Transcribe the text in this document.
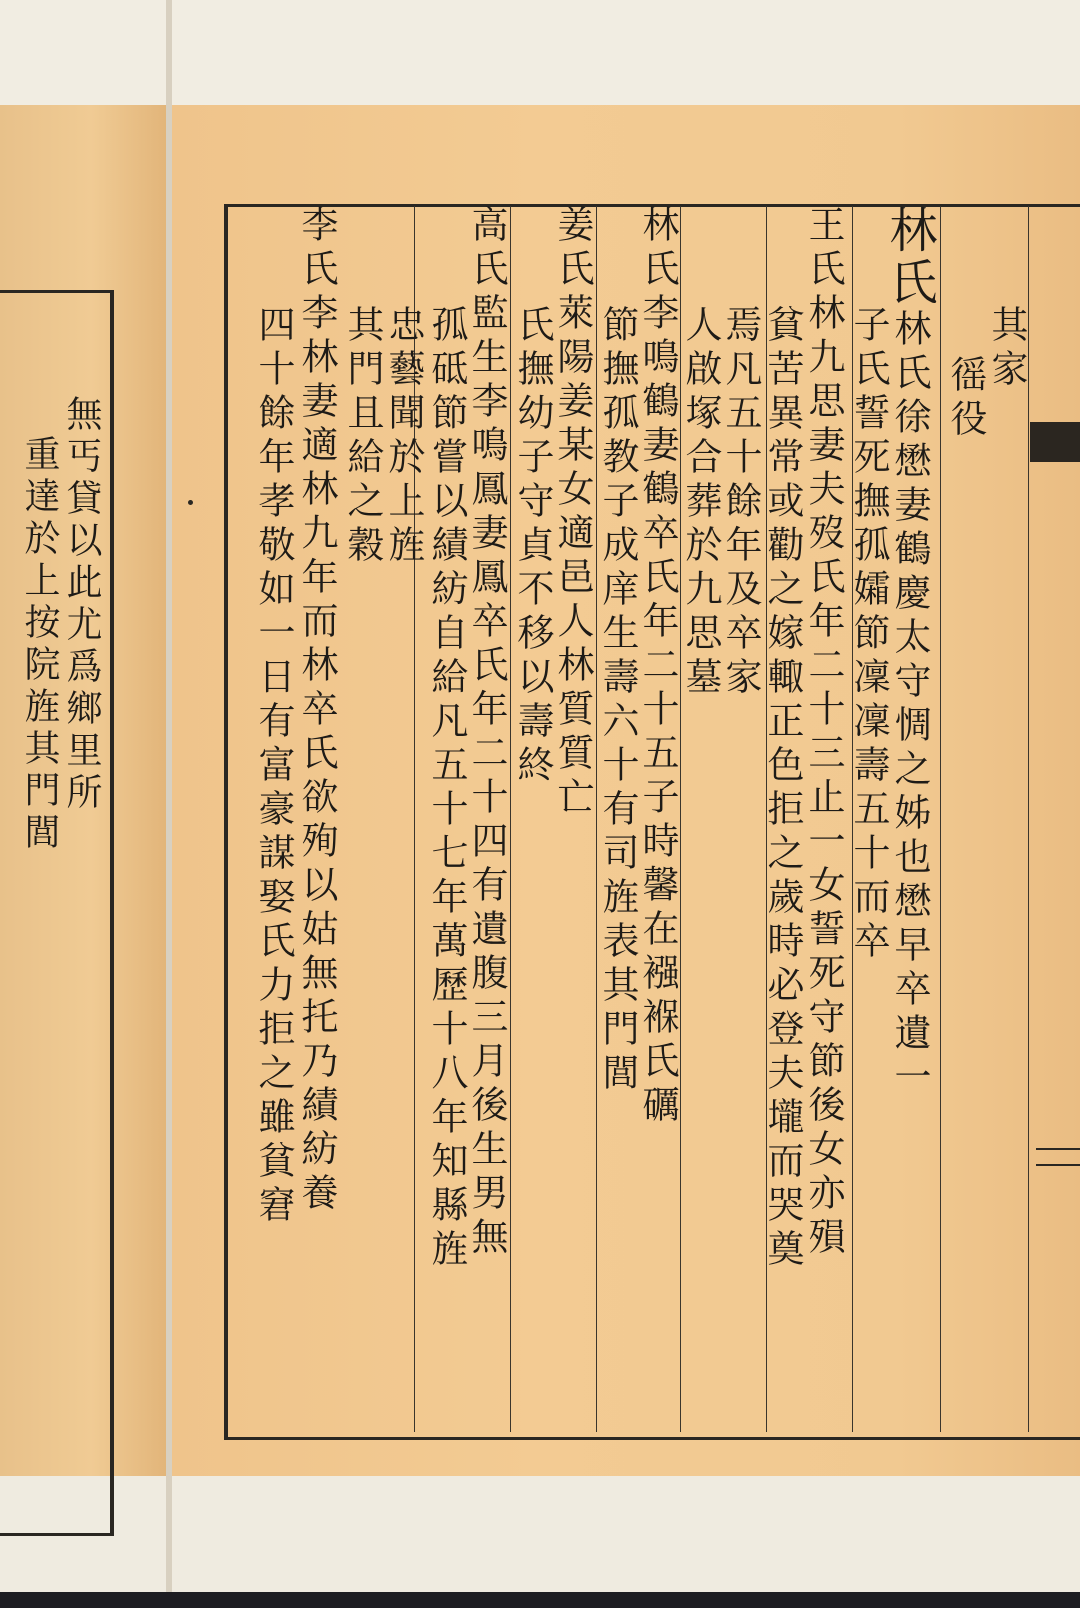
無丐貸以此尤爲鄉里所
重達於上按院旌其門閭
其家
徭役
林氏林氏徐懋妻鶴慶太守惆之姊也懋早卒遺一
子氏誓死撫孤孀節凜凜壽五十而卒
王氏林九思妻夫歿氏年二十三止一女誓死守節後女亦殞
貧苦異常或勸之嫁輙正色拒之歲時必登夫壠而哭奠
焉凡五十餘年及卒家
人啟塚合葬於九思墓
林氏李鳴鶴妻鶴卒氏年二十五子時馨在襁褓氏礪
節撫孤教子成庠生壽六十有司旌表其門閭
姜氏萊陽姜某女適邑人林質質亡
氏撫幼子守貞不移以壽終
高氏監生李鳴鳳妻鳳卒氏年二十四有遺腹三月後生男無
孤砥節嘗以績紡自給凡五十七年萬歷十八年知縣旌
忠藝聞於上旌
其門且給之穀
李氏李林妻適林九年而林卒氏欲殉以姑無托乃績紡養
四十餘年孝敬如一日有富豪謀娶氏力拒之雖貧窘
